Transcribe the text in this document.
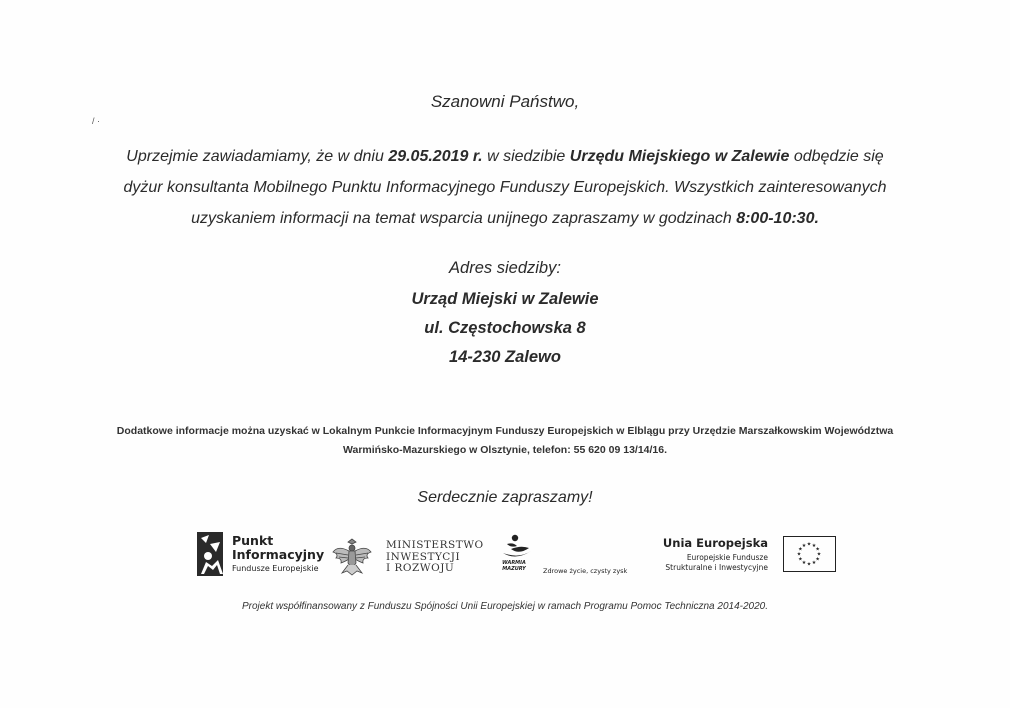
/ ·
Szanowni Państwo,
Uprzejmie zawiadamiamy, że w dniu 29.05.2019 r. w siedzibie Urzędu Miejskiego w Zalewie odbędzie się
dyżur konsultanta Mobilnego Punktu Informacyjnego Funduszy Europejskich. Wszystkich zainteresowanych
uzyskaniem informacji na temat wsparcia unijnego zapraszamy w godzinach 8:00-10:30.
Adres siedziby:
Urząd Miejski w Zalewie
ul. Częstochowska 8
14-230 Zalewo
Dodatkowe informacje można uzyskać w Lokalnym Punkcie Informacyjnym Funduszy Europejskich w Elblągu przy Urzędzie Marszałkowskim Województwa
Warmińsko-Mazurskiego w Olsztynie, telefon: 55 620 09 13/14/16.
Serdecznie zapraszamy!
Punkt
Informacyjny
Fundusze Europejskie
MINISTERSTWO
INWESTYCJI
I ROZWOJU	WARMIA
MAZURY	Zdrowe życie, czysty zysk
Unia Europejska
Europejskie Fundusze
Strukturalne i Inwestycyjne
★
★
★
★
★
★
★
★
★ ★ ★
★
Projekt współfinansowany z Funduszu Spójności Unii Europejskiej w ramach Programu Pomoc Techniczna 2014-2020.
